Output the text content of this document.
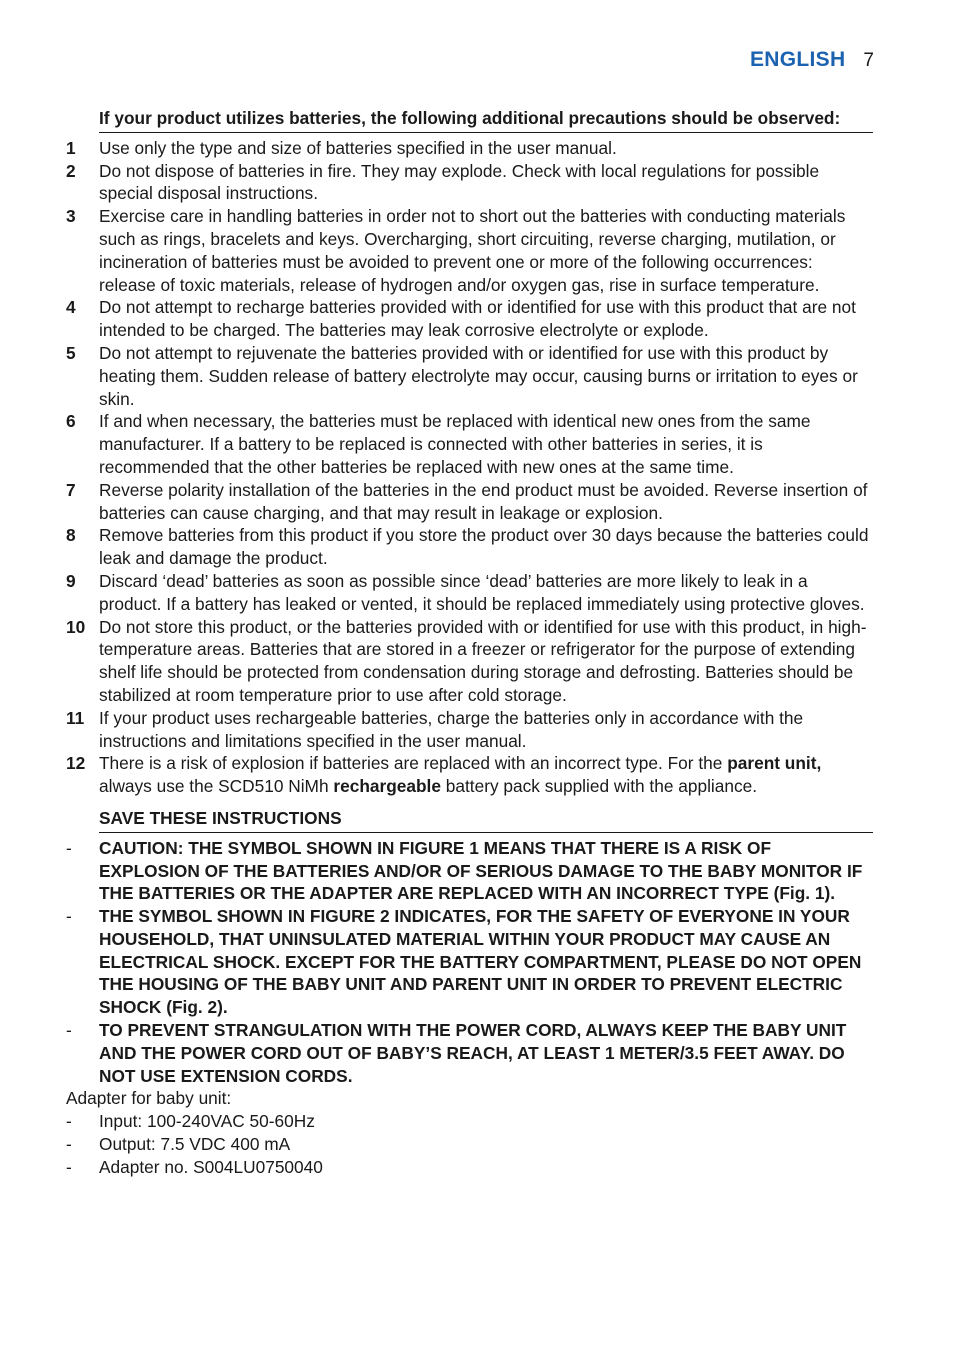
ENGLISH 7
If your product utilizes batteries, the following additional precautions should be observed:
1	Use only the type and size of batteries specified in the user manual.
2	Do not dispose of batteries in fire. They may explode. Check with local regulations for possible special disposal instructions.
3	Exercise care in handling batteries in order not to short out the batteries with conducting materials such as rings, bracelets and keys. Overcharging, short circuiting, reverse charging, mutilation, or incineration of batteries must be avoided to prevent one or more of the following occurrences: release of toxic materials, release of hydrogen and/or oxygen gas, rise in surface temperature.
4	Do not attempt to recharge batteries provided with or identified for use with this product that are not intended to be charged. The batteries may leak corrosive electrolyte or explode.
5	Do not attempt to rejuvenate the batteries provided with or identified for use with this product by heating them. Sudden release of battery electrolyte may occur, causing burns or irritation to eyes or skin.
6	If and when necessary, the batteries must be replaced with identical new ones from the same manufacturer. If a battery to be replaced is connected with other batteries in series, it is recommended that the other batteries be replaced with new ones at the same time.
7	Reverse polarity installation of the batteries in the end product must be avoided. Reverse insertion of batteries can cause charging, and that may result in leakage or explosion.
8	Remove batteries from this product if you store the product over 30 days because the batteries could leak and damage the product.
9	Discard ‘dead’ batteries as soon as possible since ‘dead’ batteries are more likely to leak in a product. If a battery has leaked or vented, it should be replaced immediately using protective gloves.
10 Do not store this product, or the batteries provided with or identified for use with this product, in high-temperature areas. Batteries that are stored in a freezer or refrigerator for the purpose of extending shelf life should be protected from condensation during storage and defrosting. Batteries should be stabilized at room temperature prior to use after cold storage.
11 If your product uses rechargeable batteries, charge the batteries only in accordance with the instructions and limitations specified in the user manual.
12 There is a risk of explosion if batteries are replaced with an incorrect type. For the parent unit, always use the SCD510 NiMh rechargeable battery pack supplied with the appliance.
SAVE THESE INSTRUCTIONS
-	CAUTION: THE SYMBOL SHOWN IN FIGURE 1 MEANS THAT THERE IS A RISK OF EXPLOSION OF THE BATTERIES AND/OR OF SERIOUS DAMAGE TO THE BABY MONITOR IF THE BATTERIES OR THE ADAPTER ARE REPLACED WITH AN INCORRECT TYPE (Fig. 1).
-	THE SYMBOL SHOWN IN FIGURE 2 INDICATES, FOR THE SAFETY OF EVERYONE IN YOUR HOUSEHOLD, THAT UNINSULATED MATERIAL WITHIN YOUR PRODUCT MAY CAUSE AN ELECTRICAL SHOCK. EXCEPT FOR THE BATTERY COMPARTMENT, PLEASE DO NOT OPEN THE HOUSING OF THE BABY UNIT AND PARENT UNIT IN ORDER TO PREVENT ELECTRIC SHOCK (Fig. 2).
-	TO PREVENT STRANGULATION WITH THE POWER CORD, ALWAYS KEEP THE BABY UNIT AND THE POWER CORD OUT OF BABY’S REACH, AT LEAST 1 METER/3.5 FEET AWAY. DO NOT USE EXTENSION CORDS.
Adapter for baby unit:
-	Input: 100-240VAC 50-60Hz
-	Output: 7.5 VDC 400 mA
-	Adapter no. S004LU0750040
